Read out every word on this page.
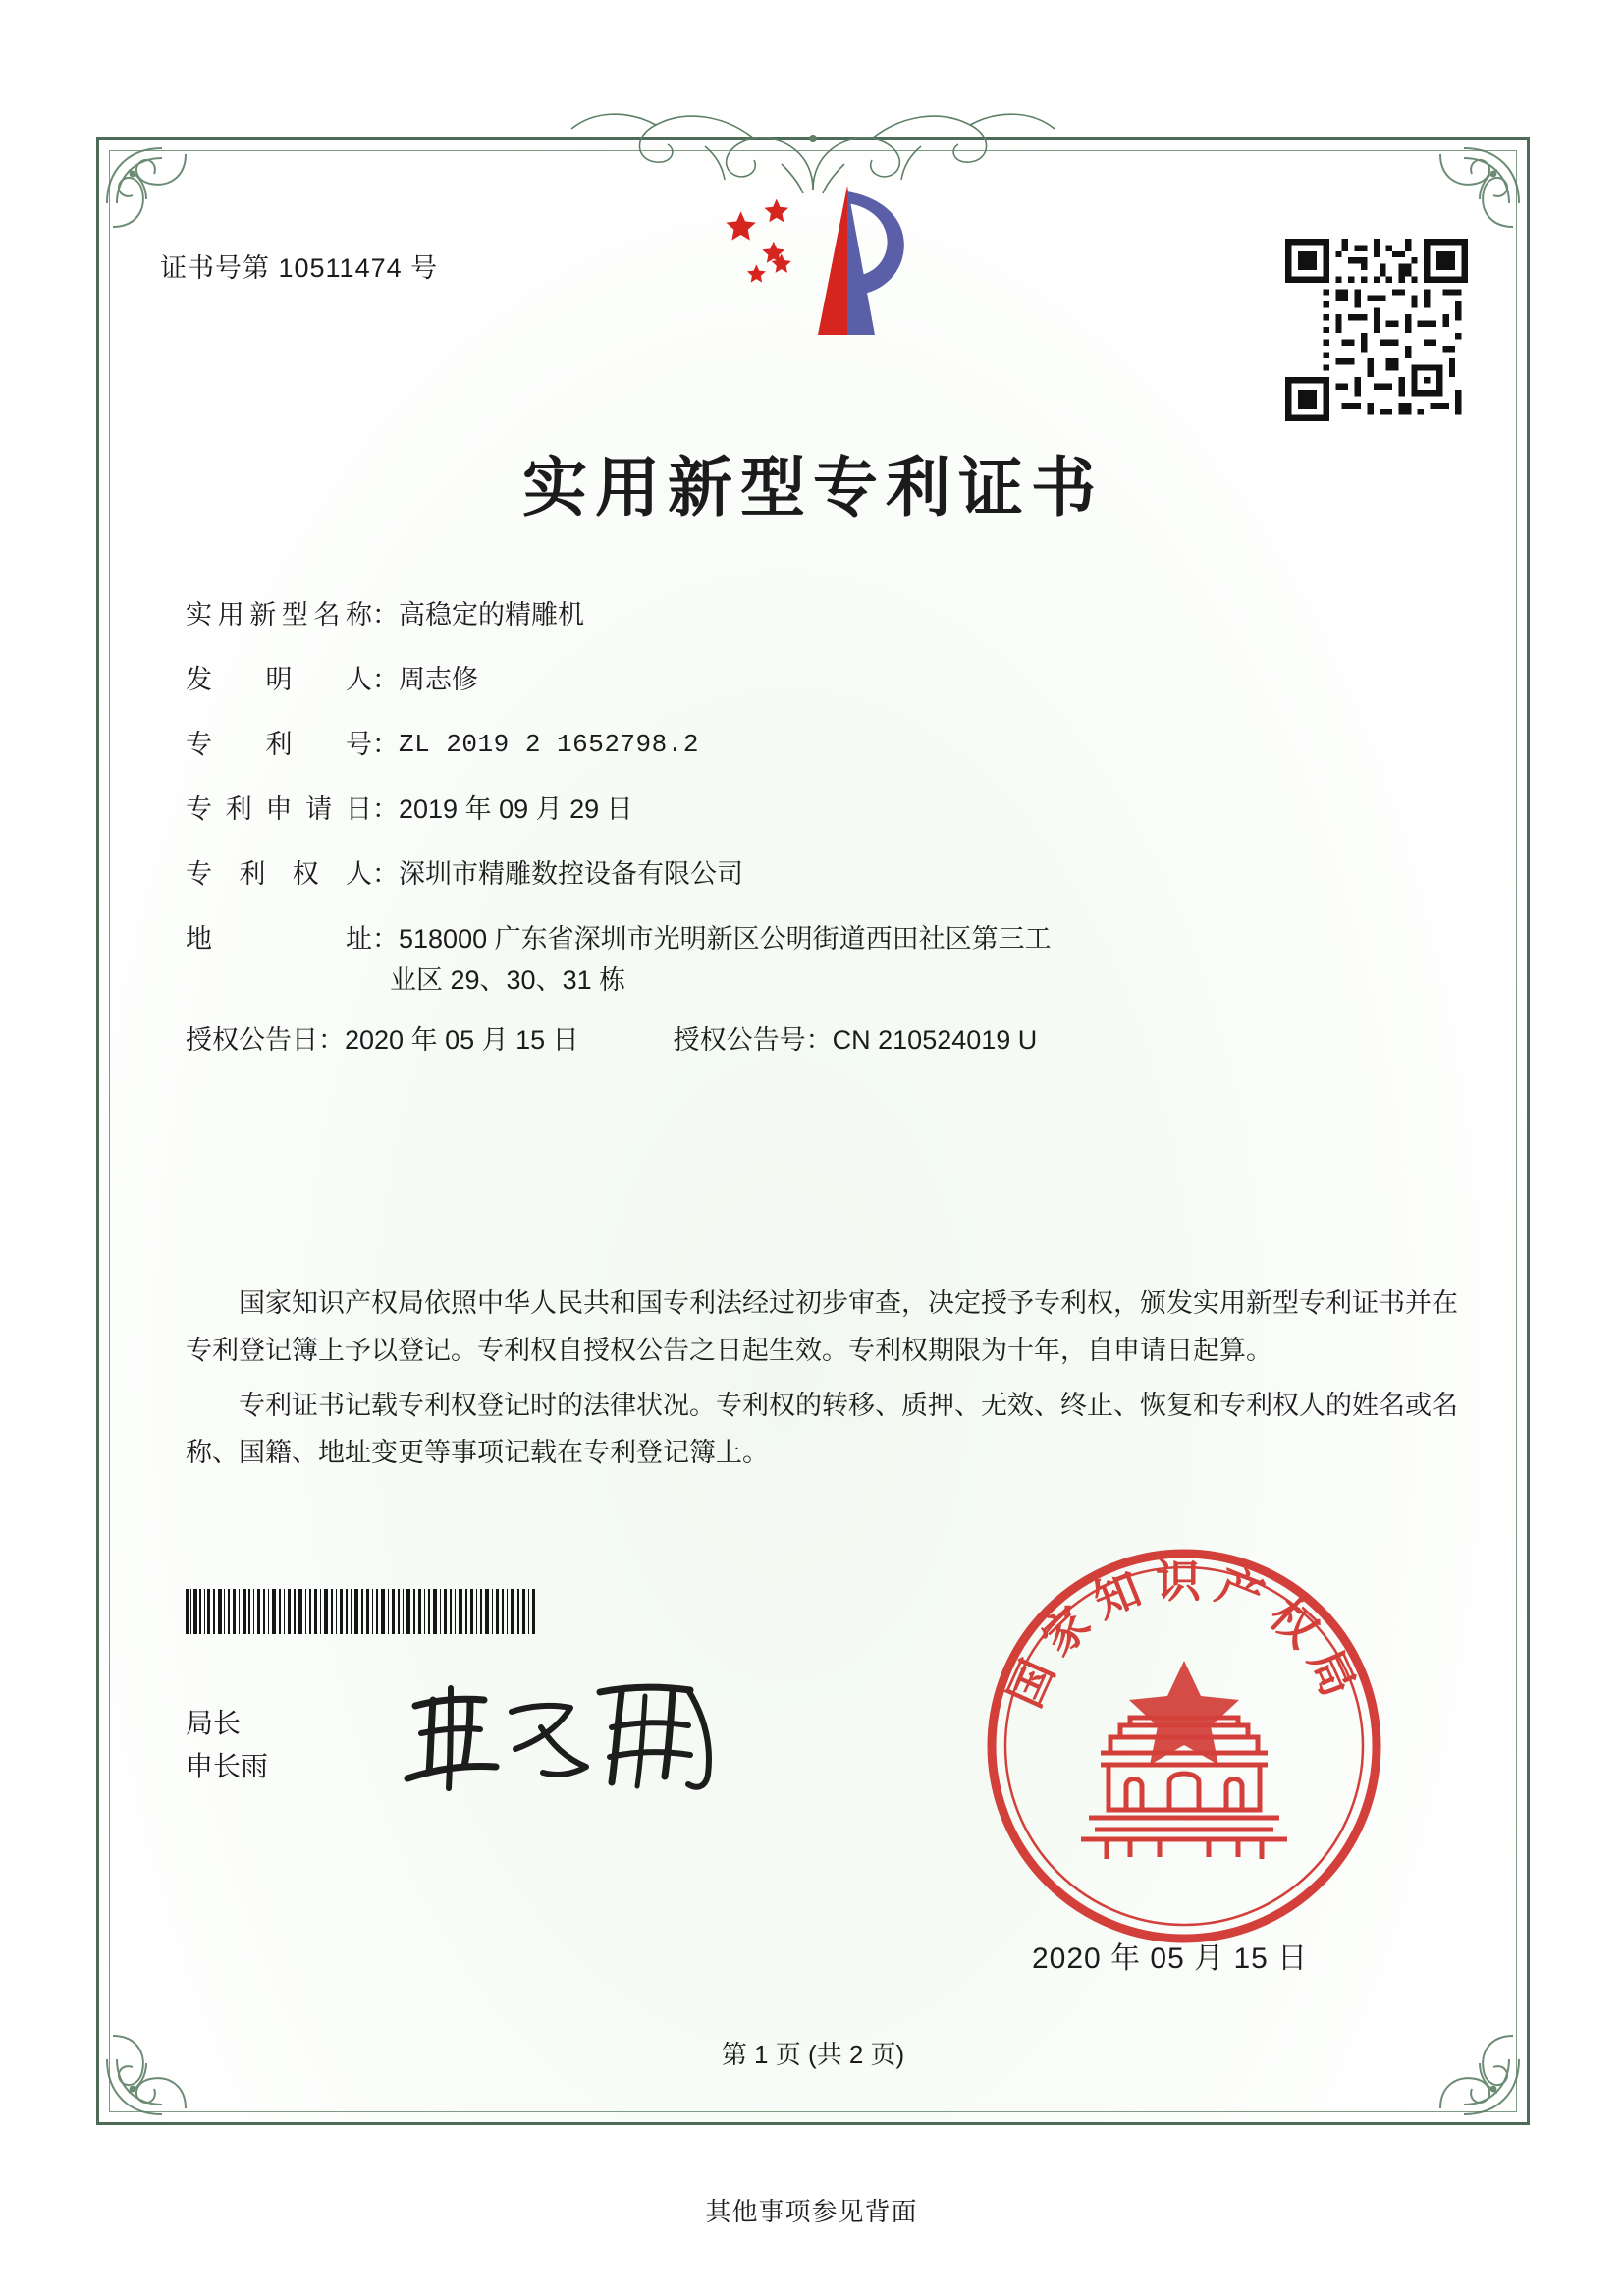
证书号第 10511474 号
实用新型专利证书
实 用 新 型 名 称 ： 高稳定的精雕机
发 明 人 ： 周志修
专 利 号 ： ZL 2019 2 1652798.2
专 利 申 请 日 ： 2019 年 09 月 29 日
专 利 权 人 ： 深圳市精雕数控设备有限公司
地	址 ： 518000 广东省深圳市光明新区公明街道西田社区第三工
业区 29、30、31 栋
授权公告日 ： 2020 年 05 月 15 日	授权公告号 ： CN 210524019 U

国家知识产权局依照中华人民共和国专利法经过初步审查，决定授予专利权，颁发实用新型专利证书并在专利登记簿上予以登记。专利权自授权公告之日起生效。专利权期限为十年，自申请日起算。

专利证书记载专利权登记时的法律状况。专利权的转移、质押、无效、终止、恢复和专利权人的姓名或名称、国籍、地址变更等事项记载在专利登记簿上。

局长
申长雨
国家知识产权局
2020 年 05 月 15 日
第 1 页 (共 2 页)
其他事项参见背面
